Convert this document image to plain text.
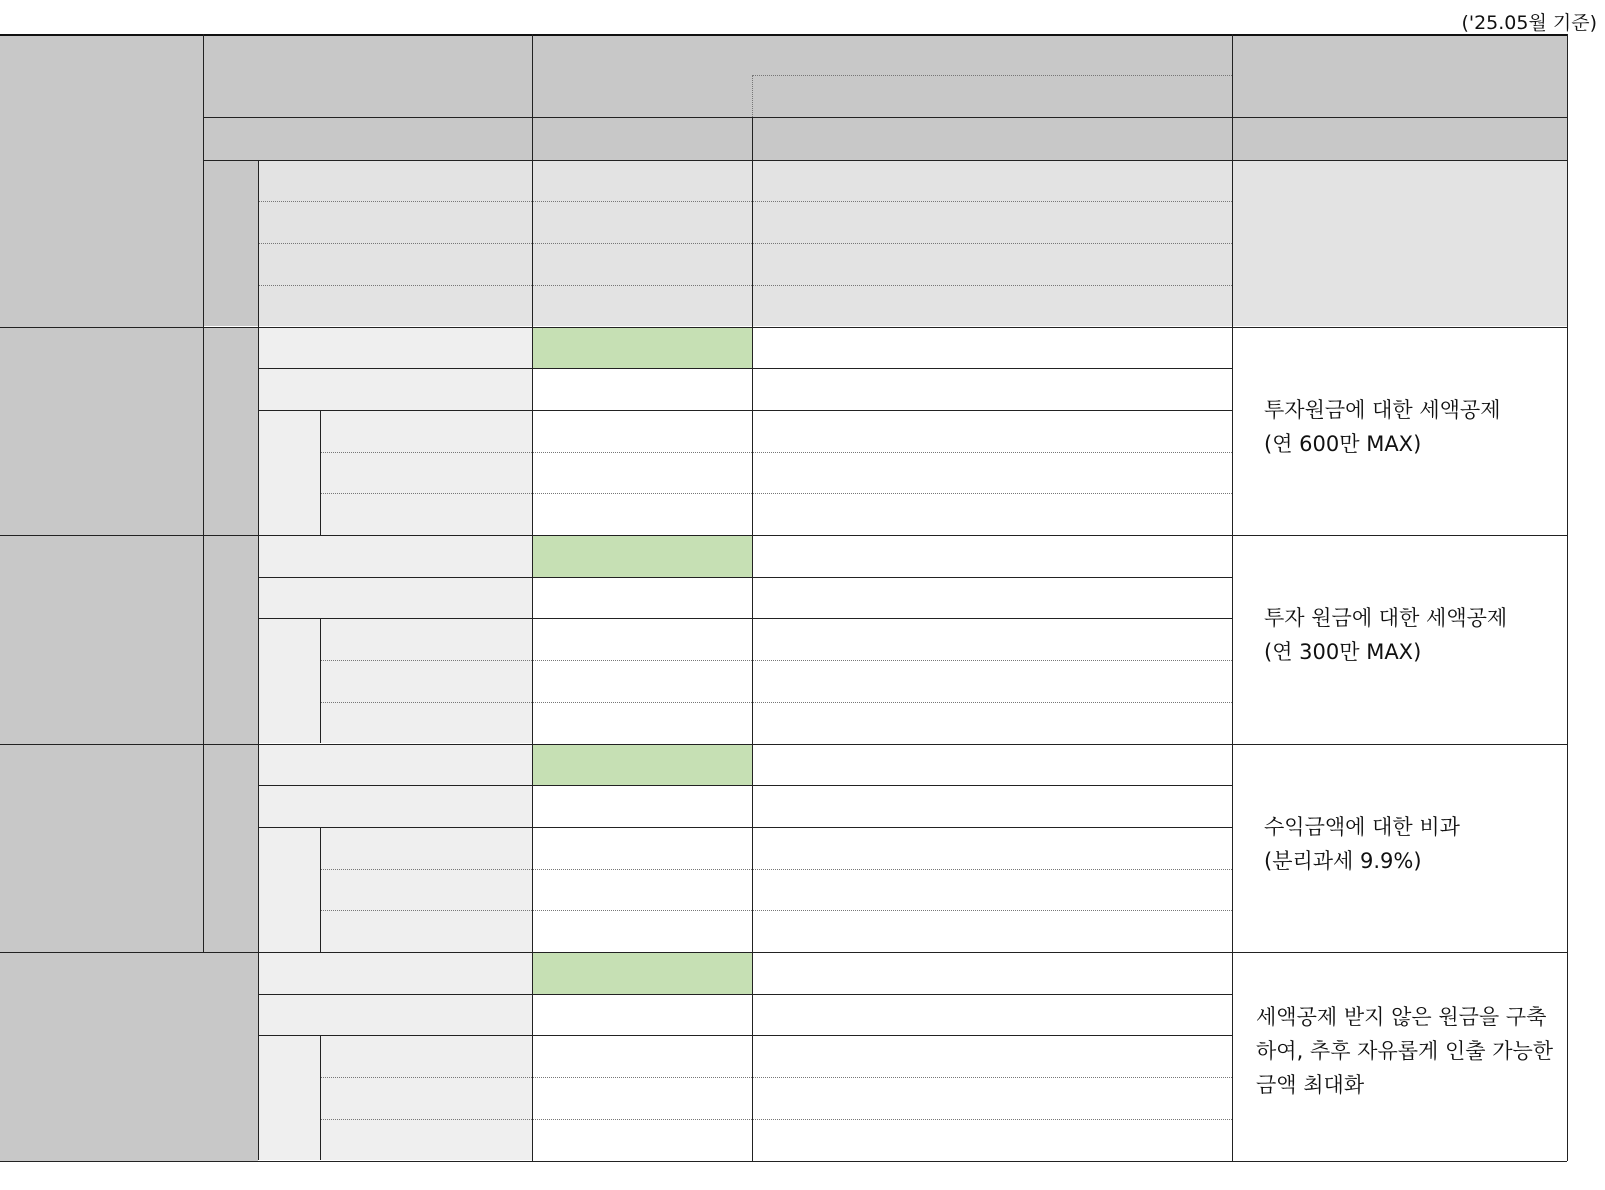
('25.05월 기준)
투자원금에 대한 세액공제
(연 600만 MAX)
투자 원금에 대한 세액공제
(연 300만 MAX)
수익금액에 대한 비과
(분리과세 9.9%)
세액공제 받지 않은 원금을 구축하여, 추후 자유롭게 인출 가능한 금액 최대화
